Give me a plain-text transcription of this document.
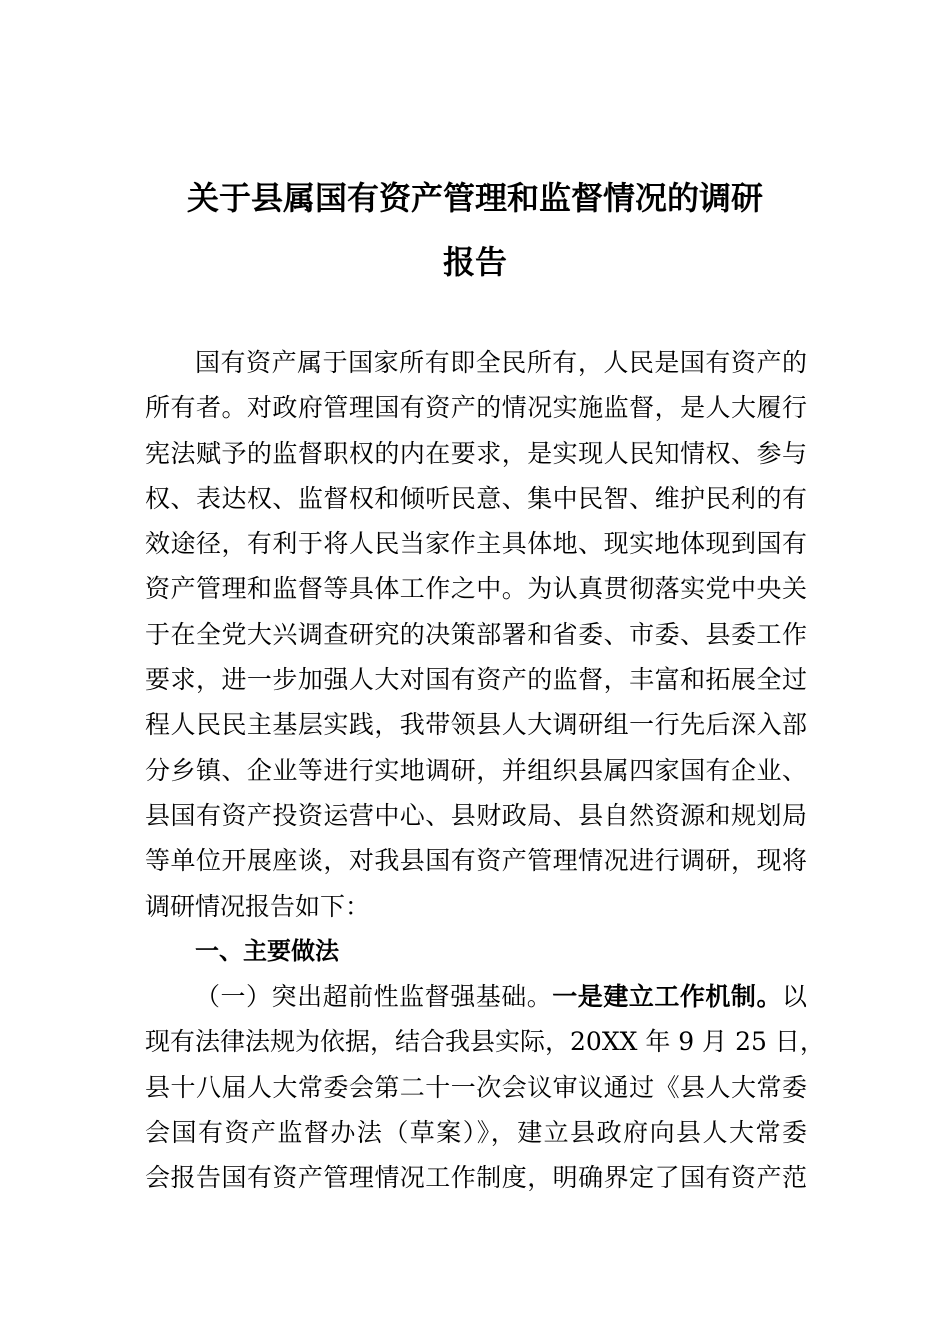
关于县属国有资产管理和监督情况的调研
报告
国有资产属于国家所有即全民所有，人民是国有资产的
所有者。对政府管理国有资产的情况实施监督，是人大履行
宪法赋予的监督职权的内在要求，是实现人民知情权、参与
权、表达权、监督权和倾听民意、集中民智、维护民利的有
效途径，有利于将人民当家作主具体地、现实地体现到国有
资产管理和监督等具体工作之中。为认真贯彻落实党中央关
于在全党大兴调查研究的决策部署和省委、市委、县委工作
要求，进一步加强人大对国有资产的监督，丰富和拓展全过
程人民民主基层实践，我带领县人大调研组一行先后深入部
分乡镇、企业等进行实地调研，并组织县属四家国有企业、
县国有资产投资运营中心、县财政局、县自然资源和规划局
等单位开展座谈，对我县国有资产管理情况进行调研，现将
调研情况报告如下：
一、主要做法
（一）突出超前性监督强基础。一是建立工作机制。以
现有法律法规为依据，结合我县实际，20XX 年 9 月 25 日，
县十八届人大常委会第二十一次会议审议通过《县人大常委
会国有资产监督办法（草案）》，建立县政府向县人大常委
会报告国有资产管理情况工作制度，明确界定了国有资产范
